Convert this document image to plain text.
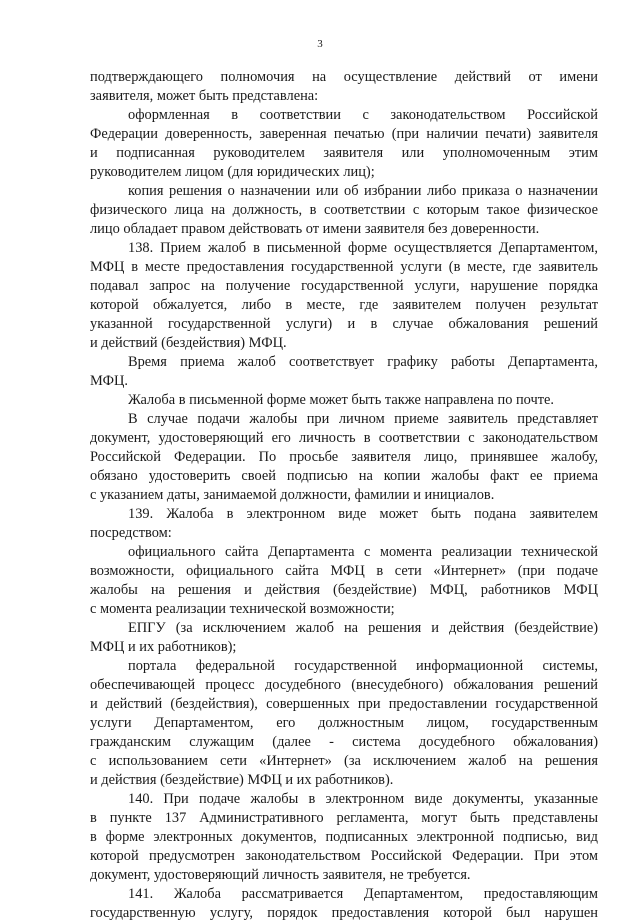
3
подтверждающего полномочия на осуществление действий от имени
заявителя, может быть представлена:
оформленная в соответствии с законодательством Российской
Федерации доверенность, заверенная печатью (при наличии печати) заявителя
и подписанная руководителем заявителя или уполномоченным этим
руководителем лицом (для юридических лиц);
копия решения о назначении или об избрании либо приказа о назначении
физического лица на должность, в соответствии с которым такое физическое
лицо обладает правом действовать от имени заявителя без доверенности.
138. Прием жалоб в письменной форме осуществляется Департаментом,
МФЦ в месте предоставления государственной услуги (в месте, где заявитель
подавал запрос на получение государственной услуги, нарушение порядка
которой обжалуется, либо в месте, где заявителем получен результат
указанной государственной услуги) и в случае обжалования решений
и действий (бездействия) МФЦ.
Время приема жалоб соответствует графику работы Департамента,
МФЦ.
Жалоба в письменной форме может быть также направлена по почте.
В случае подачи жалобы при личном приеме заявитель представляет
документ, удостоверяющий его личность в соответствии с законодательством
Российской Федерации. По просьбе заявителя лицо, принявшее жалобу,
обязано удостоверить своей подписью на копии жалобы факт ее приема
с указанием даты, занимаемой должности, фамилии и инициалов.
139. Жалоба в электронном виде может быть подана заявителем
посредством:
официального сайта Департамента с момента реализации технической
возможности, официального сайта МФЦ в сети «Интернет» (при подаче
жалобы на решения и действия (бездействие) МФЦ, работников МФЦ
с момента реализации технической возможности;
ЕПГУ (за исключением жалоб на решения и действия (бездействие)
МФЦ и их работников);
портала федеральной государственной информационной системы,
обеспечивающей процесс досудебного (внесудебного) обжалования решений
и действий (бездействия), совершенных при предоставлении государственной
услуги Департаментом, его должностным лицом, государственным
гражданским служащим (далее - система досудебного обжалования)
с использованием сети «Интернет» (за исключением жалоб на решения
и действия (бездействие) МФЦ и их работников).
140. При подаче жалобы в электронном виде документы, указанные
в пункте 137 Административного регламента, могут быть представлены
в форме электронных документов, подписанных электронной подписью, вид
которой предусмотрен законодательством Российской Федерации. При этом
документ, удостоверяющий личность заявителя, не требуется.
141. Жалоба рассматривается Департаментом, предоставляющим
государственную услугу, порядок предоставления которой был нарушен
